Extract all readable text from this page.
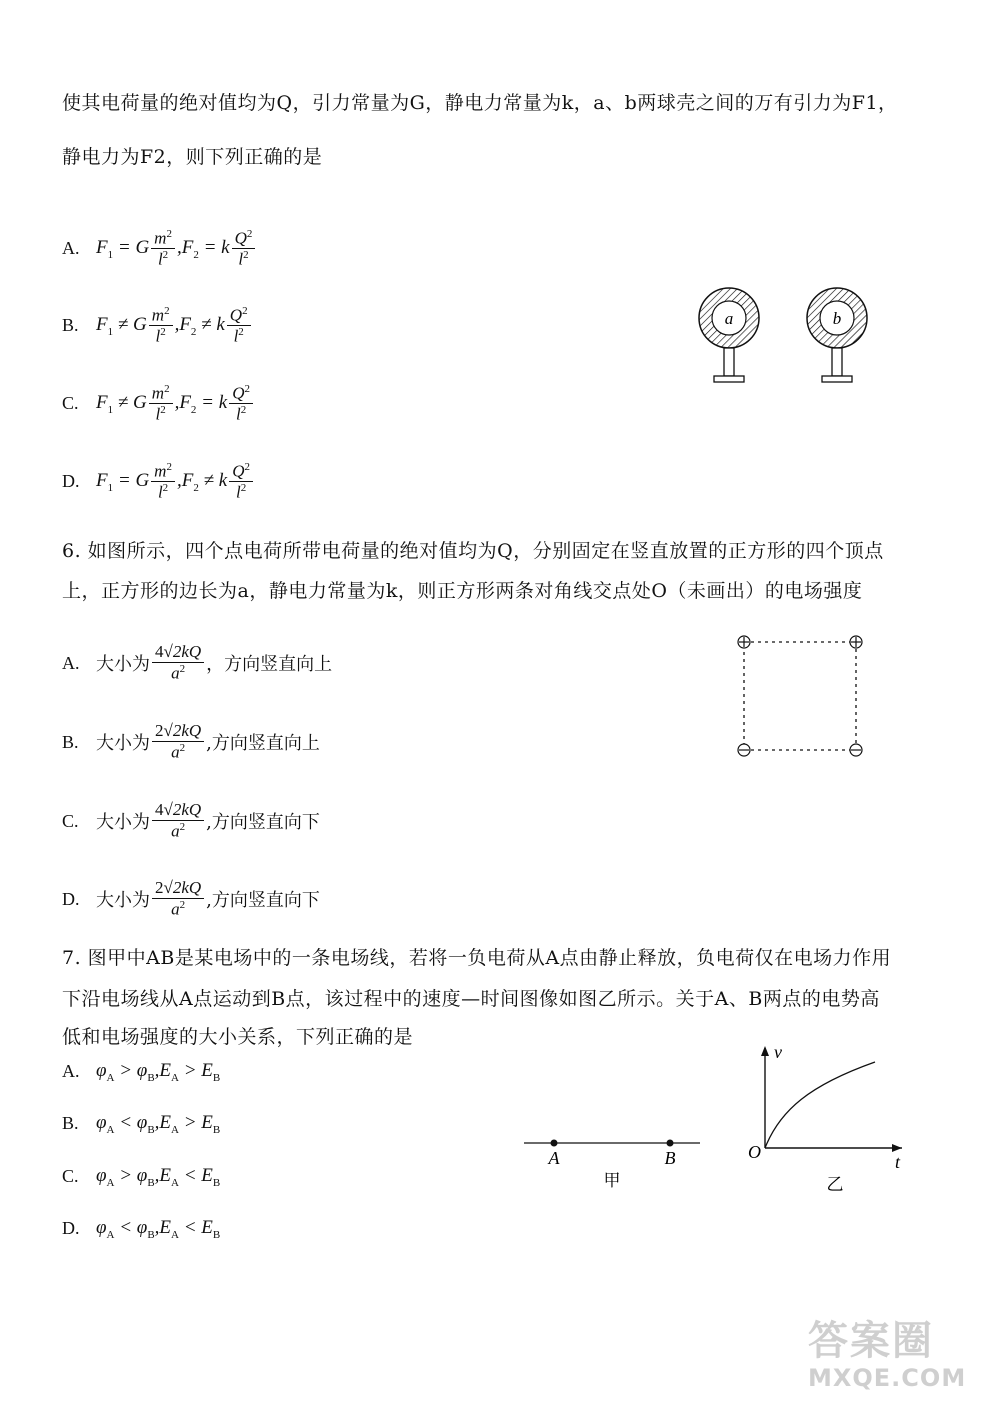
使其电荷量的绝对值均为Q，引力常量为G，静电力常量为k，a、b两球壳之间的万有引力为F1，
静电力为F2，则下列正确的是
A. $F_1 = G \frac{m^2}{l^2} ,F_2 = k \frac{Q^2}{l^2}$
B. $F_1 \ne G \frac{m^2}{l^2} ,F_2 \ne k \frac{Q^2}{l^2}$
C. $F_1 \ne G \frac{m^2}{l^2} ,F_2 = k \frac{Q^2}{l^2}$
D. $F_1 = G \frac{m^2}{l^2} ,F_2 \ne k \frac{Q^2}{l^2}$
a	b
6. 如图所示，四个点电荷所带电荷量的绝对值均为Q，分别固定在竖直放置的正方形的四个顶点
上，正方形的边长为a，静电力常量为k，则正方形两条对角线交点处O（未画出）的电场强度
A. 大小为 $\frac{4√2kQ}{a^2}$ ，方向竖直向上
B. 大小为 $\frac{2√2kQ}{a^2}$ ,方向竖直向上
C. 大小为 $\frac{4√2kQ}{a^2}$ ,方向竖直向下
D. 大小为 $\frac{2√2kQ}{a^2}$ ,方向竖直向下
7. 图甲中AB是某电场中的一条电场线，若将一负电荷从A点由静止释放，负电荷仅在电场力作用
下沿电场线从A点运动到B点，该过程中的速度—时间图像如图乙所示。关于A、B两点的电势高
低和电场强度的大小关系，下列正确的是
A. $\varphi_A > \varphi_B,E_A > E_B$
B. $\varphi_A < \varphi_B,E_A > E_B$
C. $\varphi_A > \varphi_B,E_A < E_B$
D. $\varphi_A < \varphi_B,E_A < E_B$
A	B
甲
v
t
O
乙
答案圈
MXQE.COM
